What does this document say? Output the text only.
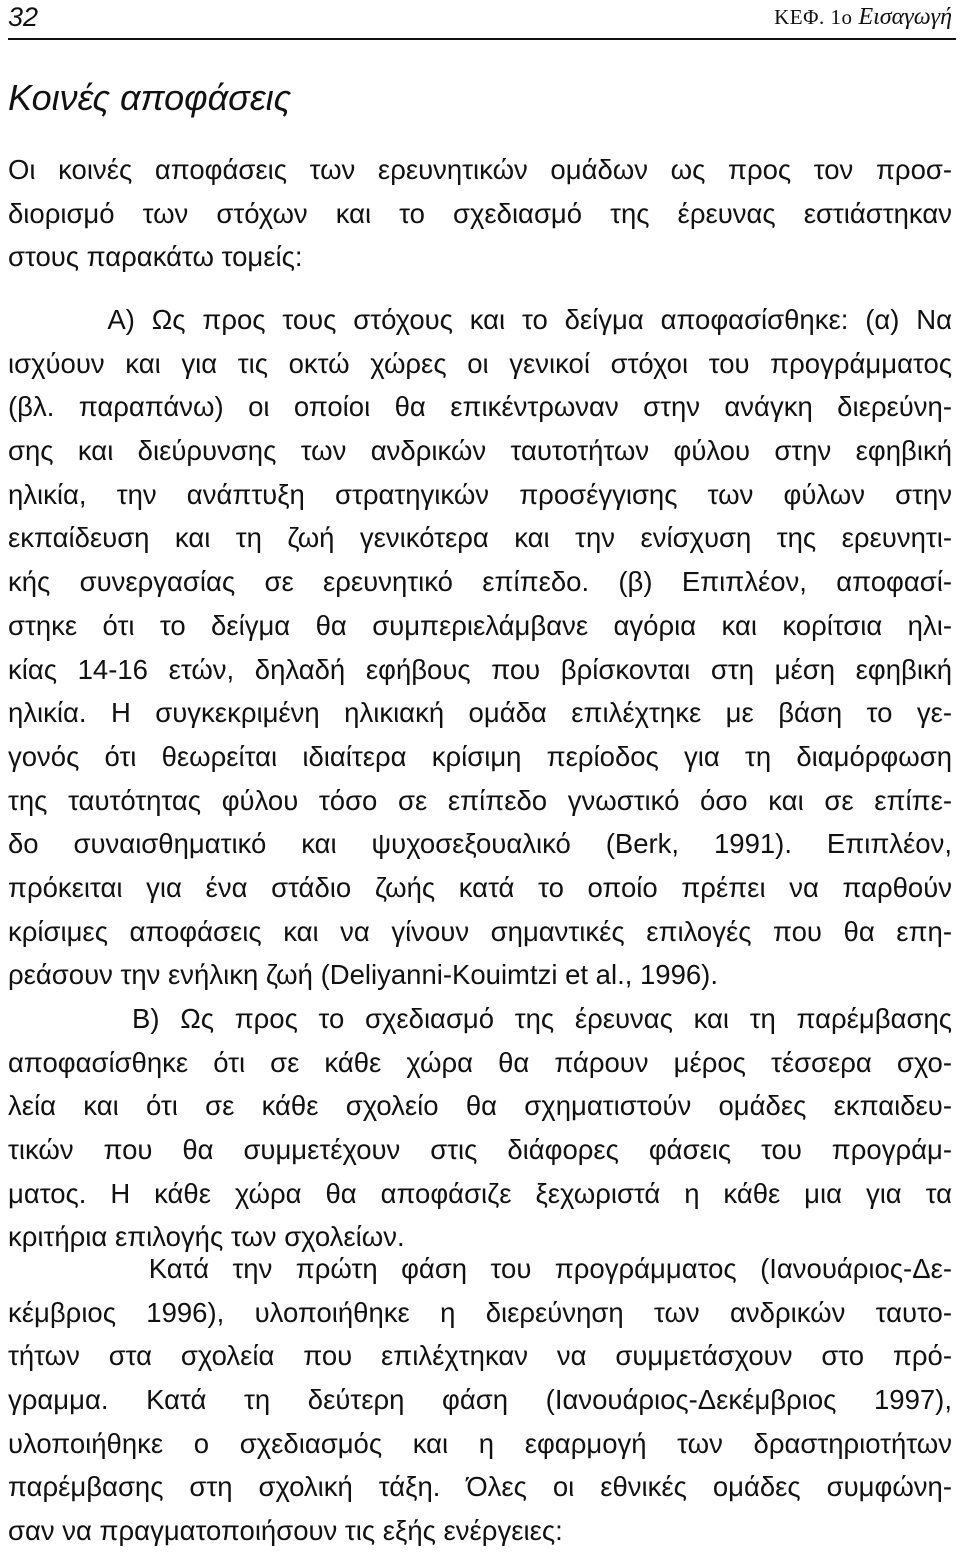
32	ΚΕΦ. 1ο Εισαγωγή
Κοινές αποφάσεις
Οι κοινές αποφάσεις των ερευνητικών ομάδων ως προς τον προσ-
διορισμό των στόχων και το σχεδιασμό της έρευνας εστιάστηκαν
στους παρακάτω τομείς:
Α) Ως προς τους στόχους και το δείγμα αποφασίσθηκε: (α) Να
ισχύουν και για τις οκτώ χώρες οι γενικοί στόχοι του προγράμματος
(βλ. παραπάνω) οι οποίοι θα επικέντρωναν στην ανάγκη διερεύνη-
σης και διεύρυνσης των ανδρικών ταυτοτήτων φύλου στην εφηβική
ηλικία, την ανάπτυξη στρατηγικών προσέγγισης των φύλων στην
εκπαίδευση και τη ζωή γενικότερα και την ενίσχυση της ερευνητι-
κής συνεργασίας σε ερευνητικό επίπεδο. (β) Επιπλέον, αποφασί-
στηκε ότι το δείγμα θα συμπεριελάμβανε αγόρια και κορίτσια ηλι-
κίας 14-16 ετών, δηλαδή εφήβους που βρίσκονται στη μέση εφηβική
ηλικία. Η συγκεκριμένη ηλικιακή ομάδα επιλέχτηκε με βάση το γε-
γονός ότι θεωρείται ιδιαίτερα κρίσιμη περίοδος για τη διαμόρφωση
της ταυτότητας φύλου τόσο σε επίπεδο γνωστικό όσο και σε επίπε-
δο συναισθηματικό και ψυχοσεξουαλικό (Berk, 1991). Επιπλέον,
πρόκειται για ένα στάδιο ζωής κατά το οποίο πρέπει να παρθούν
κρίσιμες αποφάσεις και να γίνουν σημαντικές επιλογές που θα επη-
ρεάσουν την ενήλικη ζωή (Deliyanni-Kouimtzi et al., 1996).
Β) Ως προς το σχεδιασμό της έρευνας και τη παρέμβασης
αποφασίσθηκε ότι σε κάθε χώρα θα πάρουν μέρος τέσσερα σχο-
λεία και ότι σε κάθε σχολείο θα σχηματιστούν ομάδες εκπαιδευ-
τικών που θα συμμετέχουν στις διάφορες φάσεις του προγράμ-
ματος. Η κάθε χώρα θα αποφάσιζε ξεχωριστά η κάθε μια για τα
κριτήρια επιλογής των σχολείων.
Κατά την πρώτη φάση του προγράμματος (Ιανουάριος-Δε-
κέμβριος 1996), υλοποιήθηκε η διερεύνηση των ανδρικών ταυτο-
τήτων στα σχολεία που επιλέχτηκαν να συμμετάσχουν στο πρό-
γραμμα. Κατά τη δεύτερη φάση (Ιανουάριος-Δεκέμβριος 1997),
υλοποιήθηκε ο σχεδιασμός και η εφαρμογή των δραστηριοτήτων
παρέμβασης στη σχολική τάξη. Όλες οι εθνικές ομάδες συμφώνη-
σαν να πραγματοποιήσουν τις εξής ενέργειες:
